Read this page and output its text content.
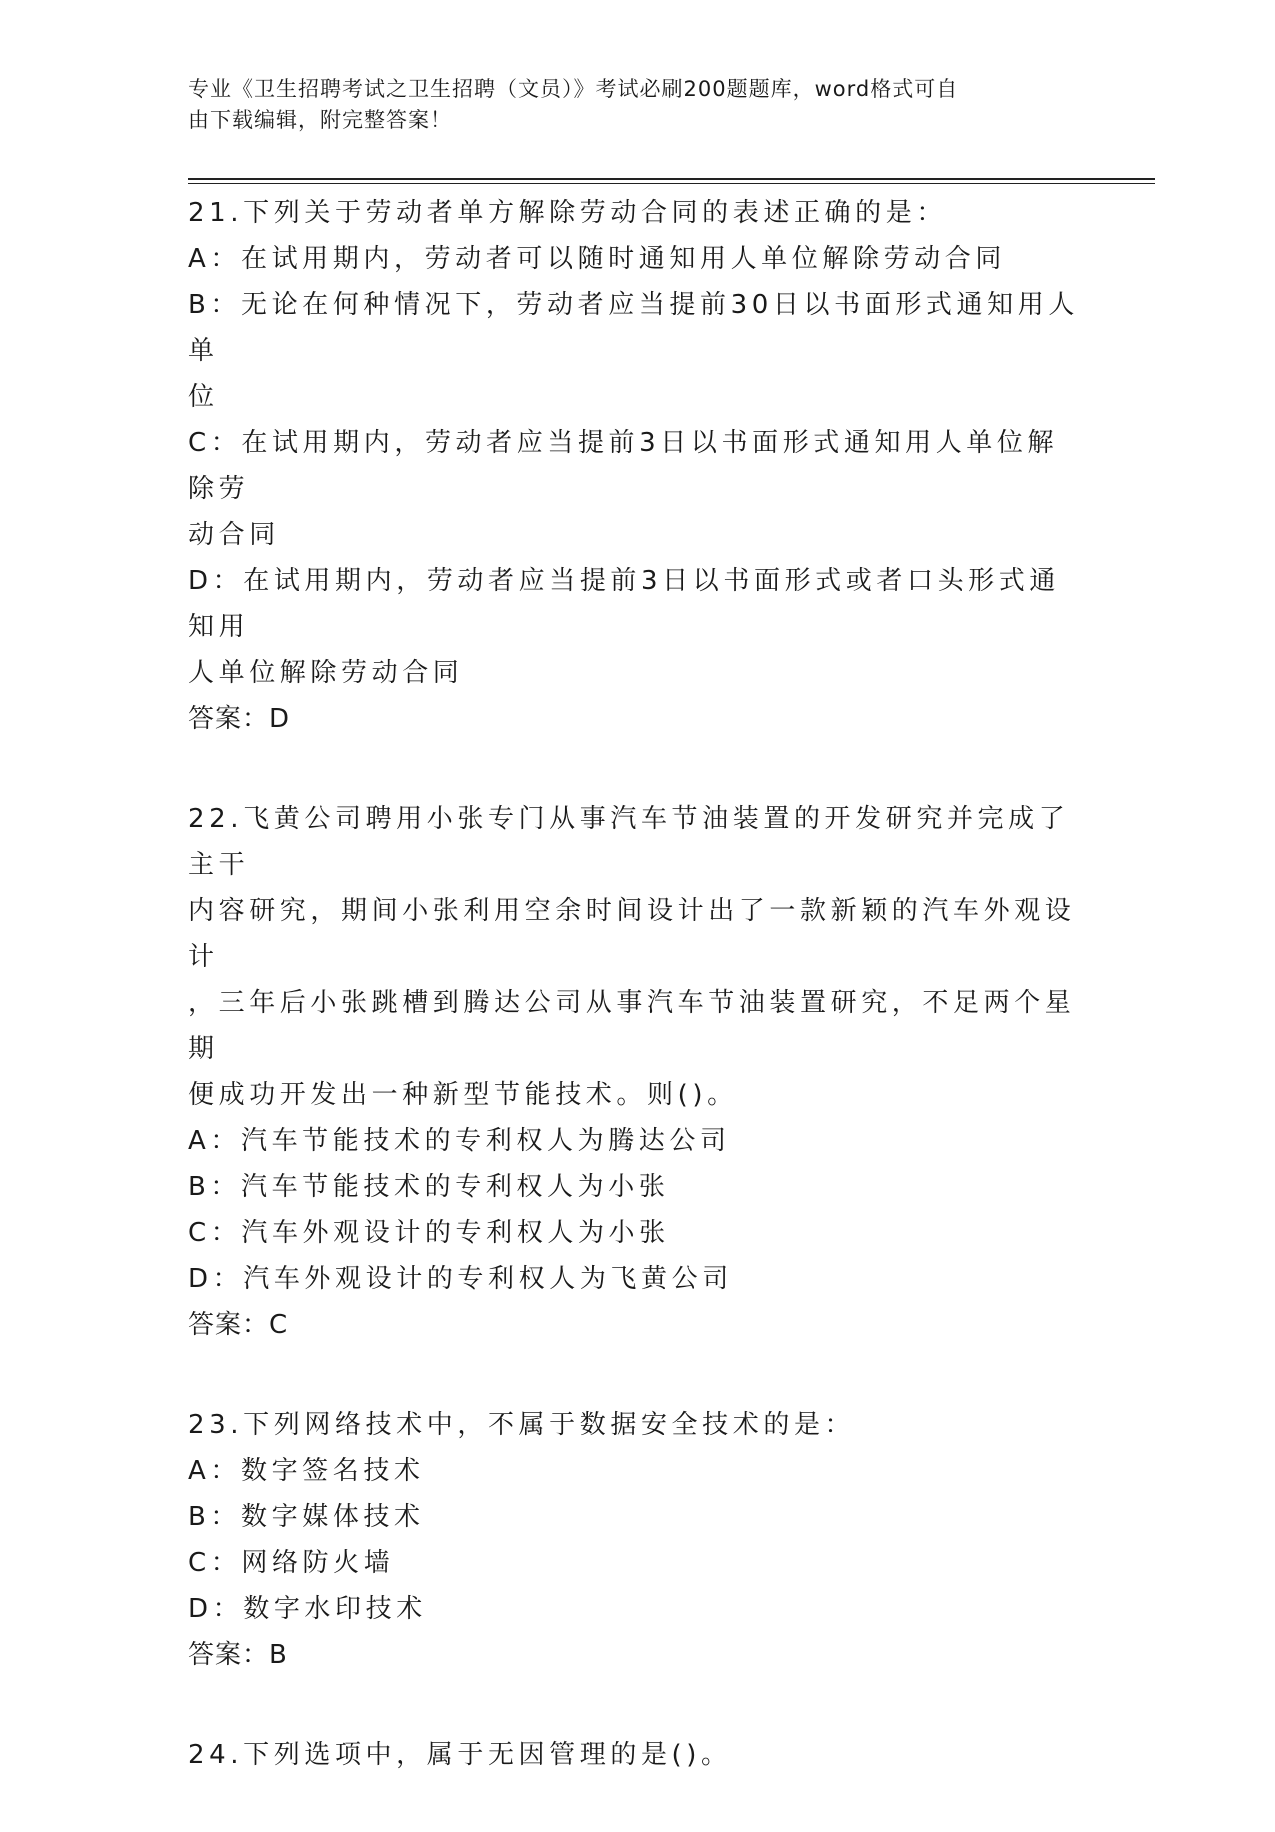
专业《卫生招聘考试之卫生招聘（文员）》考试必刷200题题库，word格式可自
由下载编辑，附完整答案！

21.下列关于劳动者单方解除劳动合同的表述正确的是：

A：在试用期内，劳动者可以随时通知用人单位解除劳动合同

B：无论在何种情况下，劳动者应当提前30日以书面形式通知用人单

位

C：在试用期内，劳动者应当提前3日以书面形式通知用人单位解除劳

动合同

D：在试用期内，劳动者应当提前3日以书面形式或者口头形式通知用

人单位解除劳动合同

答案：D

22.飞黄公司聘用小张专门从事汽车节油装置的开发研究并完成了主干

内容研究，期间小张利用空余时间设计出了一款新颖的汽车外观设计

，三年后小张跳槽到腾达公司从事汽车节油装置研究，不足两个星期

便成功开发出一种新型节能技术。则()。

A：汽车节能技术的专利权人为腾达公司

B：汽车节能技术的专利权人为小张

C：汽车外观设计的专利权人为小张

D：汽车外观设计的专利权人为飞黄公司

答案：C

23.下列网络技术中，不属于数据安全技术的是：

A：数字签名技术

B：数字媒体技术

C：网络防火墙

D：数字水印技术

答案：B

24.下列选项中，属于无因管理的是()。
